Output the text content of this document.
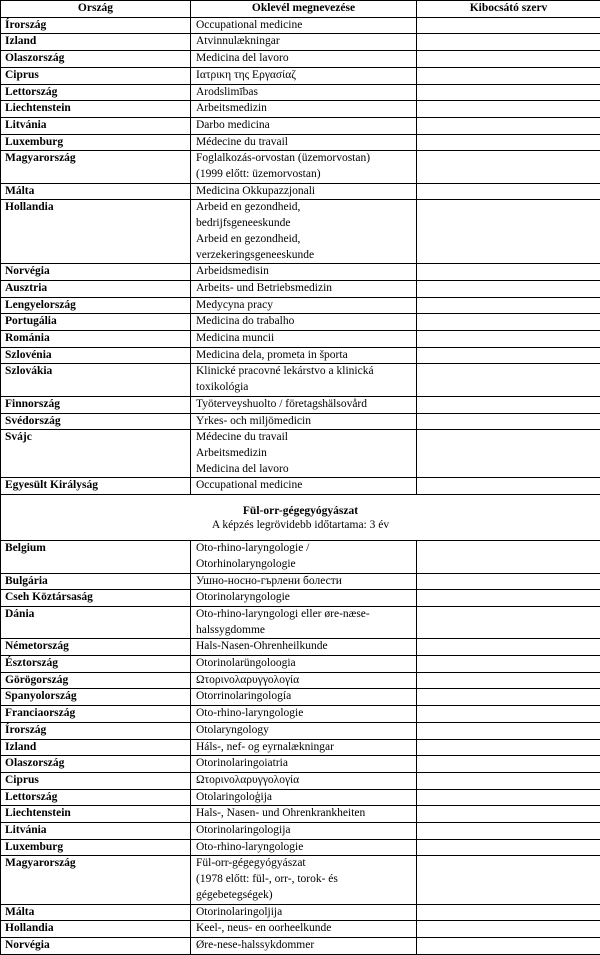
Ország	Oklevél megnevezése	Kibocsátó szerv
Írország	Occupational medicine	

Izland	Atvinnulækningar	

Olaszország	Medicina del lavoro	

Ciprus	Ιατρικη της Εργασίαζ	

Lettország	Arodslimības	

Liechtenstein	Arbeitsmedizin	

Litvánia	Darbo medicina	

Luxemburg	Médecine du travail	

Magyarország	Foglalkozás-orvostan (üzemorvostan)
(1999 előtt: üzemorvostan)	

Málta	Medicina Okkupazzjonali	

Hollandia	Arbeid en gezondheid,
bedrijfsgeneeskunde
Arbeid en gezondheid,
verzekeringsgeneeskunde	

Norvégia	Arbeidsmedisin	

Ausztria	Arbeits- und Betriebsmedizin	

Lengyelország	Medycyna pracy	

Portugália	Medicina do trabalho	

Románia	Medicina muncii	

Szlovénia	Medicina dela, prometa in športa	

Szlovákia	Klinické pracovné lekárstvo a klinická
toxikológia	

Finnország	Työterveyshuolto / företagshälsovård	

Svédország	Yrkes- och miljömedicin	

Svájc	Médecine du travail
Arbeitsmedizin
Medicina del lavoro	

Egyesült Királyság	Occupational medicine	

Fül-orr-gégegyógyászat
A képzés legrövidebb időtartama: 3 év		

Belgium	Oto-rhino-laryngologie /
Otorhinolaryngologie	

Bulgária	Ушно-носно-гърлени болести	

Cseh Köztársaság	Otorinolaryngologie	

Dánia	Oto-rhino-laryngologi eller øre-næse-
halssygdomme	

Németország	Hals-Nasen-Ohrenheilkunde	

Észtország	Otorinolarüngoloogia	

Görögország	Ωτορινολαρυγγολογία	

Spanyolország	Otorrinolaringología	

Franciaország	Oto-rhino-laryngologie	

Írország	Otolaryngology	

Izland	Háls-, nef- og eyrnalækningar	

Olaszország	Otorinolaringoiatria	

Ciprus	Ωτορινολαρυγγολογία	

Lettország	Otolaringoloģija	

Liechtenstein	Hals-, Nasen- und Ohrenkrankheiten	

Litvánia	Otorinolaringologija	

Luxemburg	Oto-rhino-laryngologie	

Magyarország	Fül-orr-gégegyógyászat
(1978 előtt: fül-, orr-, torok- és
gégebetegségek)	

Málta	Otorinolaringoljija	

Hollandia	Keel-, neus- en oorheelkunde	

Norvégia	Øre-nese-halssykdommer	
